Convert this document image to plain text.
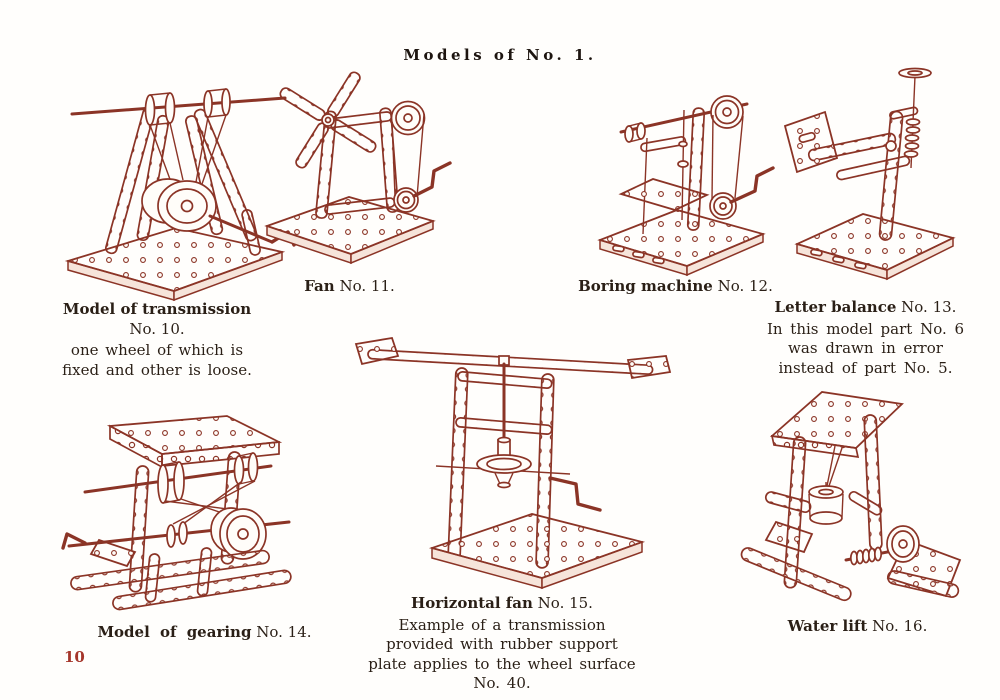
Models of No. 1.
Model of transmission
No. 10.
one wheel of which is fixed and other is loose.
Fan No. 11.	Boring machine No. 12.
Letter balance No. 13.
In this model part No. 6 was drawn in error instead of part No. 5.
Model of gearing No. 14.
Horizontal fan No. 15.
Example of a transmission provided with rubber support plate applies to the wheel surface No. 40.
Water lift No. 16.
10
